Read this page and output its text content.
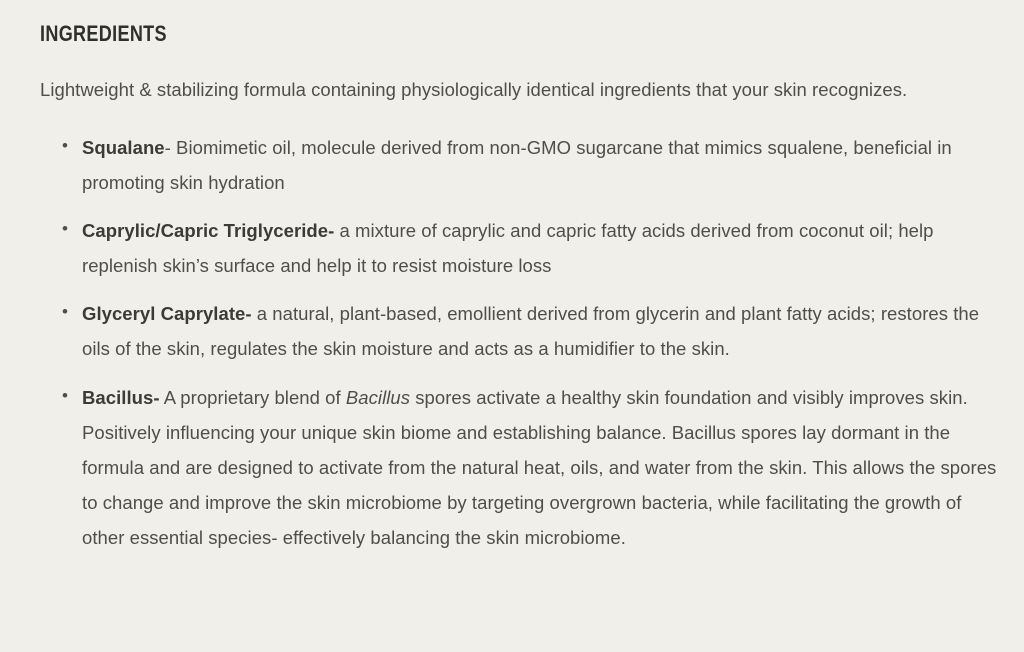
INGREDIENTS

Lightweight & stabilizing formula containing physiologically identical ingredients that your skin recognizes.

• Squalane- Biomimetic oil, molecule derived from non-GMO sugarcane that mimics squalene, beneficial in promoting skin hydration
• Caprylic/Capric Triglyceride- a mixture of caprylic and capric fatty acids derived from coconut oil; help replenish skin’s surface and help it to resist moisture loss
• Glyceryl Caprylate- a natural, plant-based, emollient derived from glycerin and plant fatty acids; restores the oils of the skin, regulates the skin moisture and acts as a humidifier to the skin.
• Bacillus- A proprietary blend of Bacillus spores activate a healthy skin foundation and visibly improves skin. Positively influencing your unique skin biome and establishing balance. Bacillus spores lay dormant in the formula and are designed to activate from the natural heat, oils, and water from the skin. This allows the spores to change and improve the skin microbiome by targeting overgrown bacteria, while facilitating the growth of other essential species- effectively balancing the skin microbiome.
